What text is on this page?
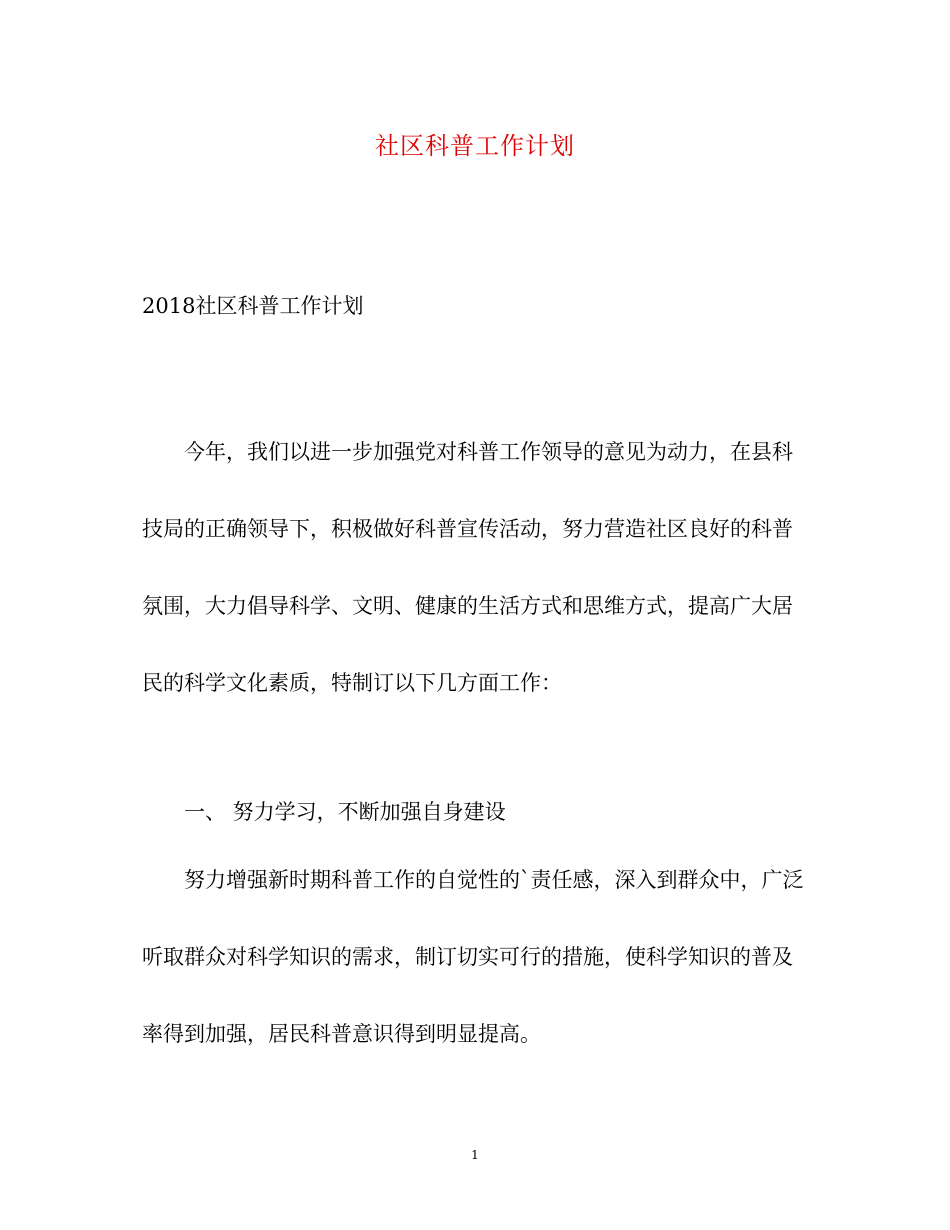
社区科普工作计划
2018社区科普工作计划

今年，我们以进一步加强党对科普工作领导的意见为动力，在县科技局的正确领导下，积极做好科普宣传活动，努力营造社区良好的科普氛围，大力倡导科学、文明、健康的生活方式和思维方式，提高广大居民的科学文化素质，特制订以下几方面工作：

一、 努力学习，不断加强自身建设

努力增强新时期科普工作的自觉性的`责任感，深入到群众中，广泛听取群众对科学知识的需求，制订切实可行的措施，使科学知识的普及率得到加强，居民科普意识得到明显提高。

1
